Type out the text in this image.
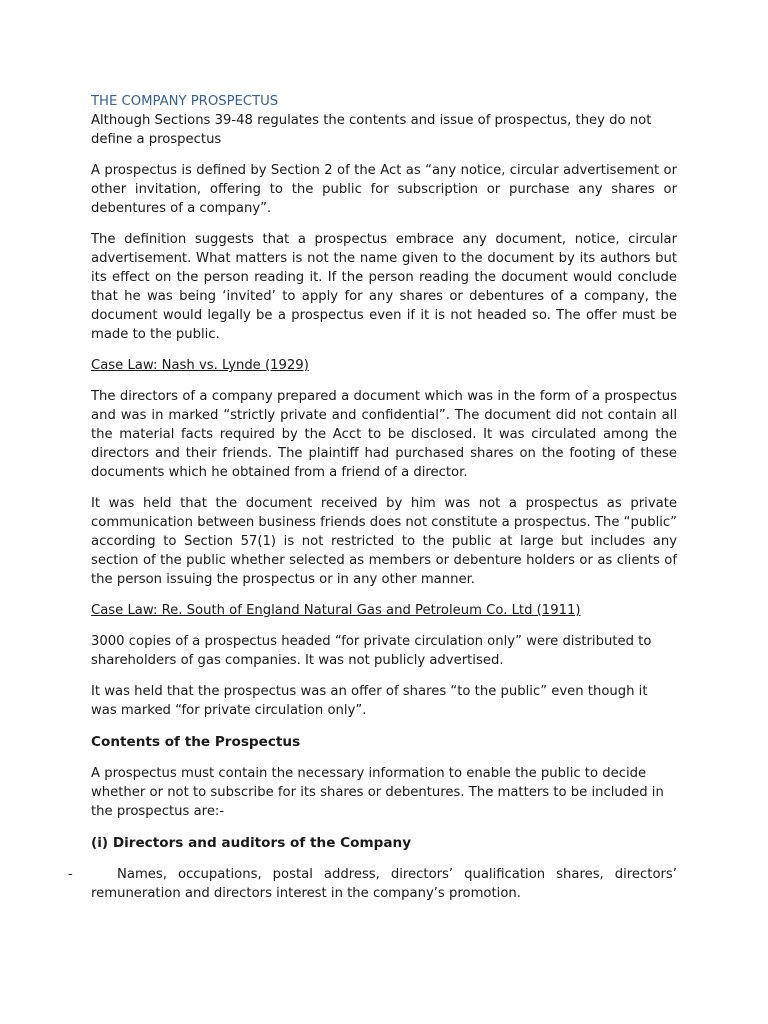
THE COMPANY PROSPECTUS

Although Sections 39-48 regulates the contents and issue of prospectus, they do not define a prospectus

A prospectus is defined by Section 2 of the Act as “any notice, circular advertisement or other invitation, offering to the public for subscription or purchase any shares or debentures of a company”.

The definition suggests that a prospectus embrace any document, notice, circular advertisement. What matters is not the name given to the document by its authors but its effect on the person reading it. If the person reading the document would conclude that he was being ‘invited’ to apply for any shares or debentures of a company, the document would legally be a prospectus even if it is not headed so. The offer must be made to the public.

Case Law: Nash vs. Lynde (1929)

The directors of a company prepared a document which was in the form of a prospectus and was in marked “strictly private and confidential”. The document did not contain all the material facts required by the Acct to be disclosed. It was circulated among the directors and their friends. The plaintiff had purchased shares on the footing of these documents which he obtained from a friend of a director.

It was held that the document received by him was not a prospectus as private communication between business friends does not constitute a prospectus. The “public” according to Section 57(1) is not restricted to the public at large but includes any section of the public whether selected as members or debenture holders or as clients of the person issuing the prospectus or in any other manner.

Case Law: Re. South of England Natural Gas and Petroleum Co. Ltd (1911)

3000 copies of a prospectus headed “for private circulation only” were distributed to shareholders of gas companies. It was not publicly advertised.

It was held that the prospectus was an offer of shares “to the public” even though it was marked “for private circulation only”.

Contents of the Prospectus

A prospectus must contain the necessary information to enable the public to decide whether or not to subscribe for its shares or debentures. The matters to be included in the prospectus are:-

(i) Directors and auditors of the Company

-	Names, occupations, postal address, directors’ qualification shares, directors’ remuneration and directors interest in the company’s promotion.
